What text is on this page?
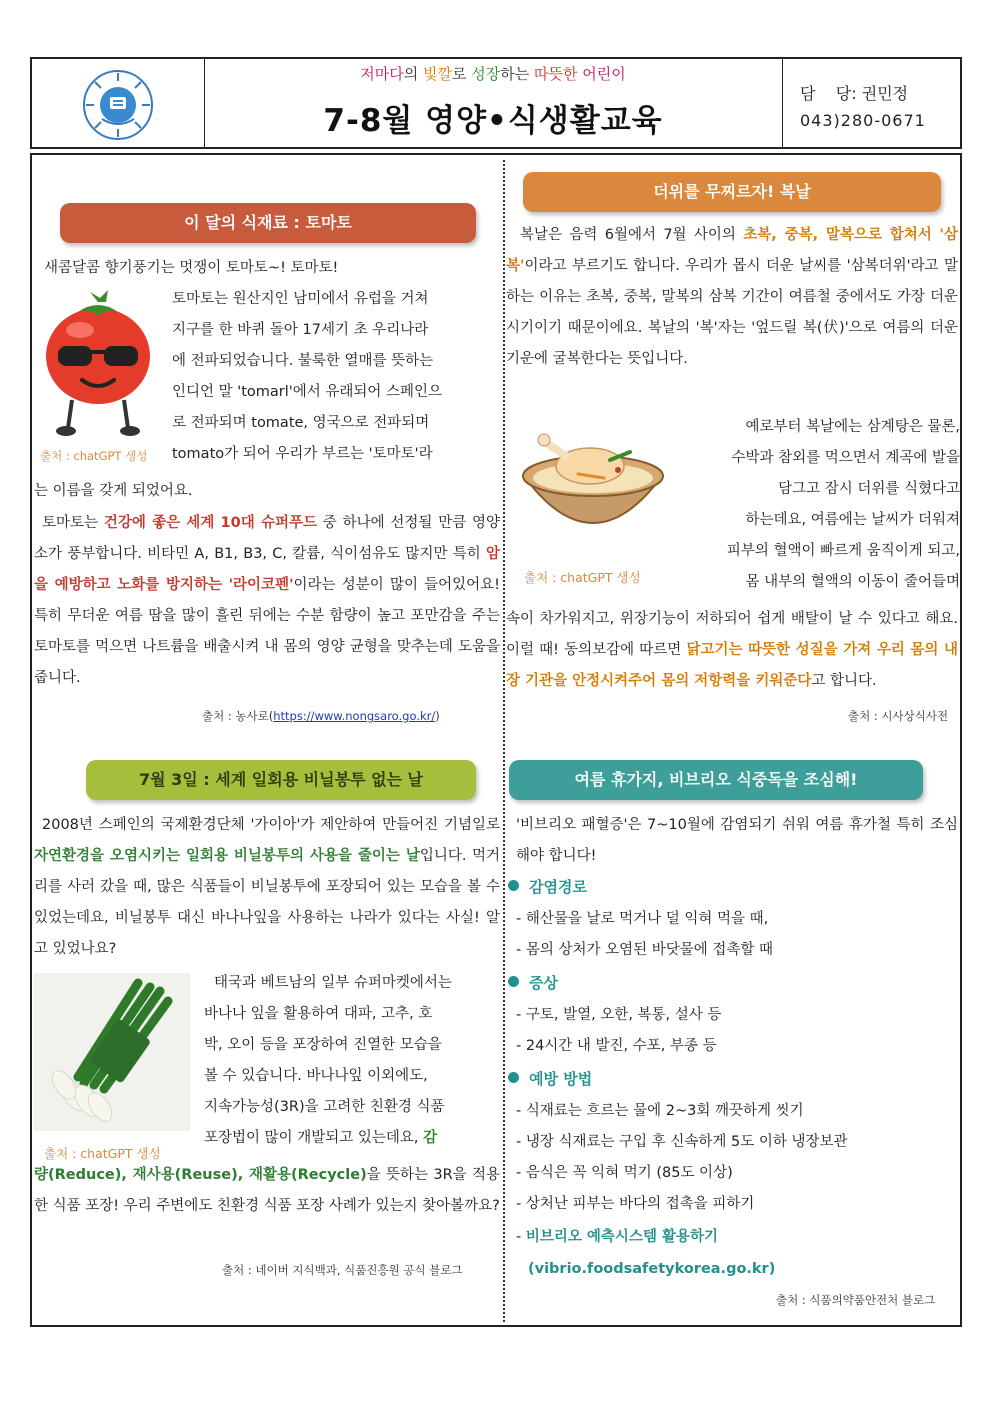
저마다의 빛깔로 성장하는 따뜻한 어린이
7-8월 영양•식생활교육
담    당: 권민정
043)280-0671
이 달의 식재료 : 토마토
새콤달콤 향기풍기는 멋쟁이 토마토~! 토마토!
출처 : chatGPT 생성
토마토는 원산지인 남미에서 유럽을 거쳐
지구를 한 바퀴 돌아 17세기 초 우리나라
에 전파되었습니다. 불룩한 열매를 뜻하는
인디언 말 'tomarl'에서 유래되어 스페인으
로 전파되며 tomate, 영국으로 전파되며
tomato가 되어 우리가 부르는 '토마토'라
는 이름을 갖게 되었어요.
토마토는 건강에 좋은 세계 10대 슈퍼푸드 중 하나에 선정될 만큼 영양소가 풍부합니다. 비타민 A, B1, B3, C, 칼륨, 식이섬유도 많지만 특히 암을 예방하고 노화를 방지하는 '라이코펜'이라는 성분이 많이 들어있어요! 특히 무더운 여름 땀을 많이 흘린 뒤에는 수분 함량이 높고 포만감을 주는 토마토를 먹으면 나트륨을 배출시켜 내 몸의 영양 균형을 맞추는데 도움을 줍니다.
출처 : 농사로(https://www.nongsaro.go.kr/)
더위를 무찌르자! 복날
복날은 음력 6월에서 7월 사이의 초복, 중복, 말복으로 합쳐서 '삼복'이라고 부르기도 합니다. 우리가 몹시 더운 날씨를 '삼복더위'라고 말하는 이유는 초복, 중복, 말복의 삼복 기간이 여름철 중에서도 가장 더운 시기이기 때문이에요. 복날의 '복'자는 '엎드릴 복(伏)'으로 여름의 더운 기운에 굴복한다는 뜻입니다.
출처 : chatGPT 생성
예로부터 복날에는 삼계탕은 물론,
수박과 참외를 먹으면서 계곡에 발을
담그고 잠시 더위를 식혔다고
하는데요, 여름에는 날씨가 더워져
피부의 혈액이 빠르게 움직이게 되고,
몸 내부의 혈액의 이동이 줄어들며
속이 차가워지고, 위장기능이 저하되어 쉽게 배탈이 날 수 있다고 해요. 이럴 때! 동의보감에 따르면 닭고기는 따뜻한 성질을 가져 우리 몸의 내장 기관을 안정시켜주어 몸의 저항력을 키워준다고 합니다.
출처 : 시사상식사전
7월 3일 : 세계 일회용 비닐봉투 없는 날
2008년 스페인의 국제환경단체 '가이아'가 제안하여 만들어진 기념일로 자연환경을 오염시키는 일회용 비닐봉투의 사용을 줄이는 날입니다. 먹거리를 사러 갔을 때, 많은 식품들이 비닐봉투에 포장되어 있는 모습을 볼 수 있었는데요, 비닐봉투 대신 바나나잎을 사용하는 나라가 있다는 사실! 알고 있었나요?
출처 : chatGPT 생성
태국과 베트남의 일부 슈퍼마켓에서는
바나나 잎을 활용하여 대파, 고추, 호
박, 오이 등을 포장하여 진열한 모습을
볼 수 있습니다. 바나나잎 이외에도,
지속가능성(3R)을 고려한 친환경 식품
포장법이 많이 개발되고 있는데요, 감
량(Reduce), 재사용(Reuse), 재활용(Recycle)을 뜻하는 3R을 적용한 식품 포장! 우리 주변에도 친환경 식품 포장 사례가 있는지 찾아볼까요?
출처 : 네이버 지식백과, 식품진흥원 공식 블로그
여름 휴가지, 비브리오 식중독을 조심해!
'비브리오 패혈증'은 7~10월에 감염되기 쉬워 여름 휴가철 특히 조심해야 합니다!
감염경로
- 해산물을 날로 먹거나 덜 익혀 먹을 때,
- 몸의 상처가 오염된 바닷물에 접촉할 때
증상
- 구토, 발열, 오한, 복통, 설사 등
- 24시간 내 발진, 수포, 부종 등
예방 방법
- 식재료는 흐르는 물에 2~3회 깨끗하게 씻기
- 냉장 식재료는 구입 후 신속하게 5도 이하 냉장보관
- 음식은 꼭 익혀 먹기 (85도 이상)
- 상처난 피부는 바다의 접촉을 피하기
- 비브리오 예측시스템 활용하기
(vibrio.foodsafetykorea.go.kr)
출처 : 식품의약품안전처 블로그
